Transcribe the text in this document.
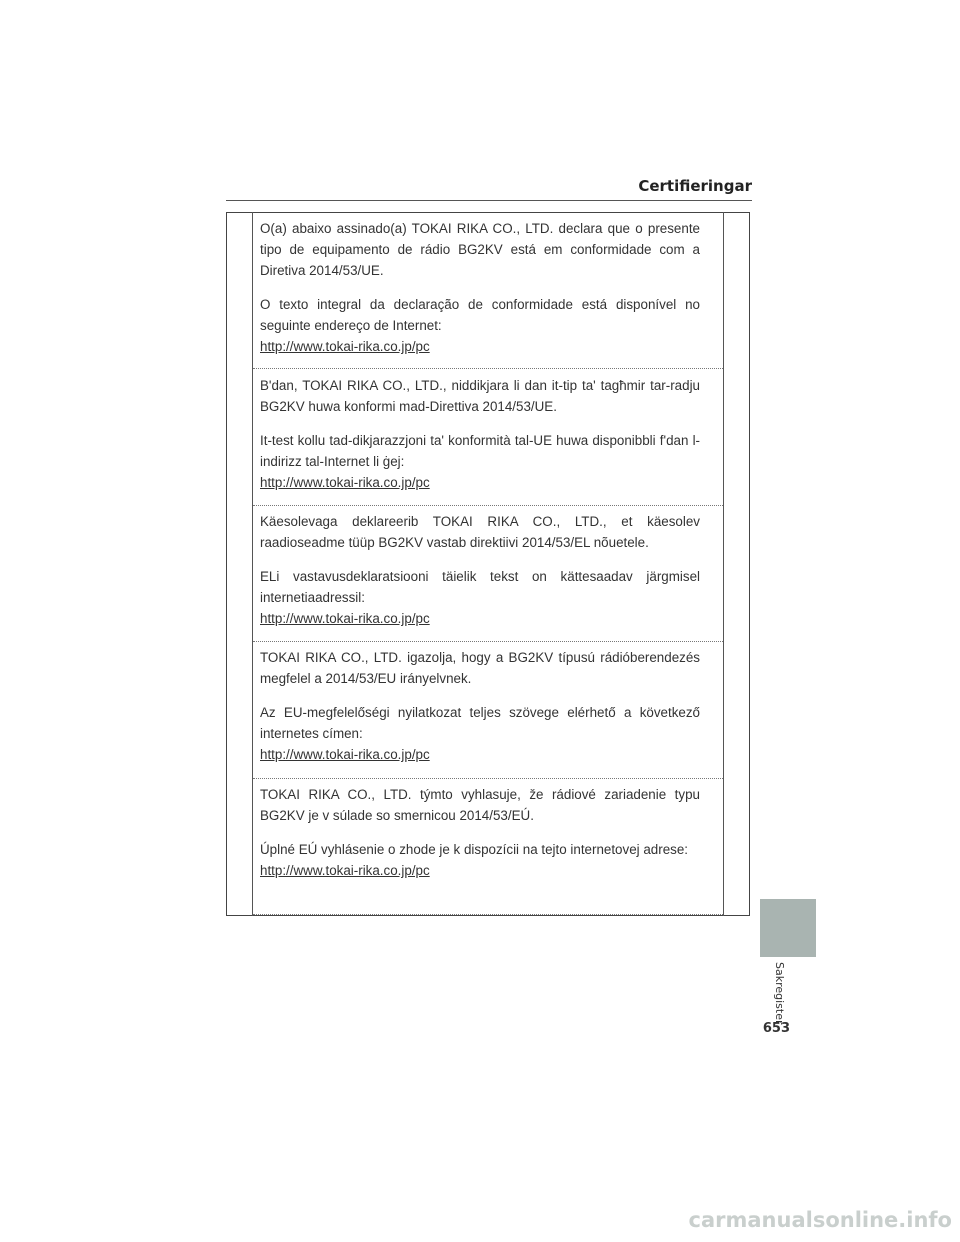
Certifieringar

O(a) abaixo assinado(a) TOKAI RIKA CO., LTD. declara que o presente tipo de equipamento de rádio BG2KV está em conformidade com a Diretiva 2014/53/UE.

O texto integral da declaração de conformidade está disponível no seguinte endereço de Internet:

http://www.tokai-rika.co.jp/pc

B'dan, TOKAI RIKA CO., LTD., niddikjara li dan it-tip ta' tagħmir tar-radju BG2KV huwa konformi mad-Direttiva 2014/53/UE.

It-test kollu tad-dikjarazzjoni ta' konformità tal-UE huwa disponibbli f'dan l-indirizz tal-Internet li ġej:

http://www.tokai-rika.co.jp/pc

Käesolevaga deklareerib TOKAI RIKA CO., LTD., et käesolev raadioseadme tüüp BG2KV vastab direktiivi 2014/53/EL nõuetele.

ELi vastavusdeklaratsiooni täielik tekst on kättesaadav järgmisel internetiaadressil:

http://www.tokai-rika.co.jp/pc

TOKAI RIKA CO., LTD. igazolja, hogy a BG2KV típusú rádióberendezés megfelel a 2014/53/EU irányelvnek.

Az EU-megfelelőségi nyilatkozat teljes szövege elérhető a következő internetes címen:

http://www.tokai-rika.co.jp/pc

TOKAI RIKA CO., LTD. týmto vyhlasuje, že rádiové zariadenie typu BG2KV je v súlade so smernicou 2014/53/EÚ.

Úplné EÚ vyhlásenie o zhode je k dispozícii na tejto internetovej adrese:

http://www.tokai-rika.co.jp/pc
Sakregister
653
carmanualsonline.info
